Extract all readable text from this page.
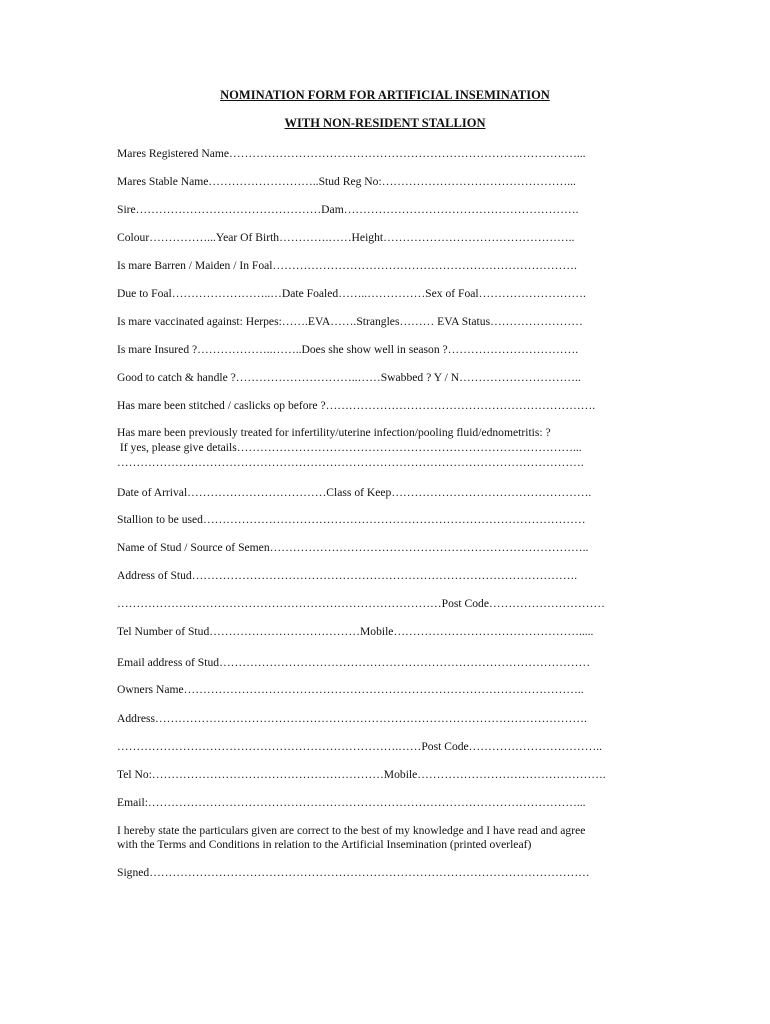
NOMINATION FORM FOR ARTIFICIAL INSEMINATION
WITH NON-RESIDENT STALLION
Mares Registered Name………………………………………………………………………………...
Mares Stable Name………………………..Stud Reg No:…………………………………………...
Sire…………………………………………Dam…………………………………………………….
Colour……………...Year Of Birth………….……Height…………………………………………..
Is mare Barren / Maiden / In Foal…………………………………………………………………….
Due to Foal……………………..…Date Foaled……..……………Sex of Foal……………………….
Is mare vaccinated against: Herpes:…….EVA…….Strangles……… EVA Status……………………
Is mare Insured ?………………..……..Does she show well in season ?…………………………….
Good to catch & handle ?…………………………..……Swabbed ? Y / N…………………………..
Has mare been stitched / caslicks op before ?…………………………………………………………….
Has mare been previously treated for infertility/uterine infection/pooling fluid/ednometritis: ?
If yes, please give details……………………………………………………………………………...
………………………………………………………………………………………………………….
Date of Arrival………………………………Class of Keep…………………………………………….
Stallion to be used………………………………………………………………………………………
Name of Stud / Source of Semen………………………………………………………………………..
Address of Stud……………………………………………………………………………………….
…………………………………………………………………………Post Code…………………………
Tel Number of Stud…………………………………Mobile………………………………………….....
Email address of Stud……………………………………………………………………………………
Owners Name…………………………………………………………………………………………..
Address………………………………………………………………………………………………….
……………………………………………………………….……Post Code……………………………..
Tel No:……………………………………………………Mobile………………………………………….
Email:…………………………………………………………………………………………………...
I hereby state the particulars given are correct to the best of my knowledge and I have read and agree
with the Terms and Conditions in relation to the Artificial Insemination (printed overleaf)
Signed……………………………………………………………………………………………………
